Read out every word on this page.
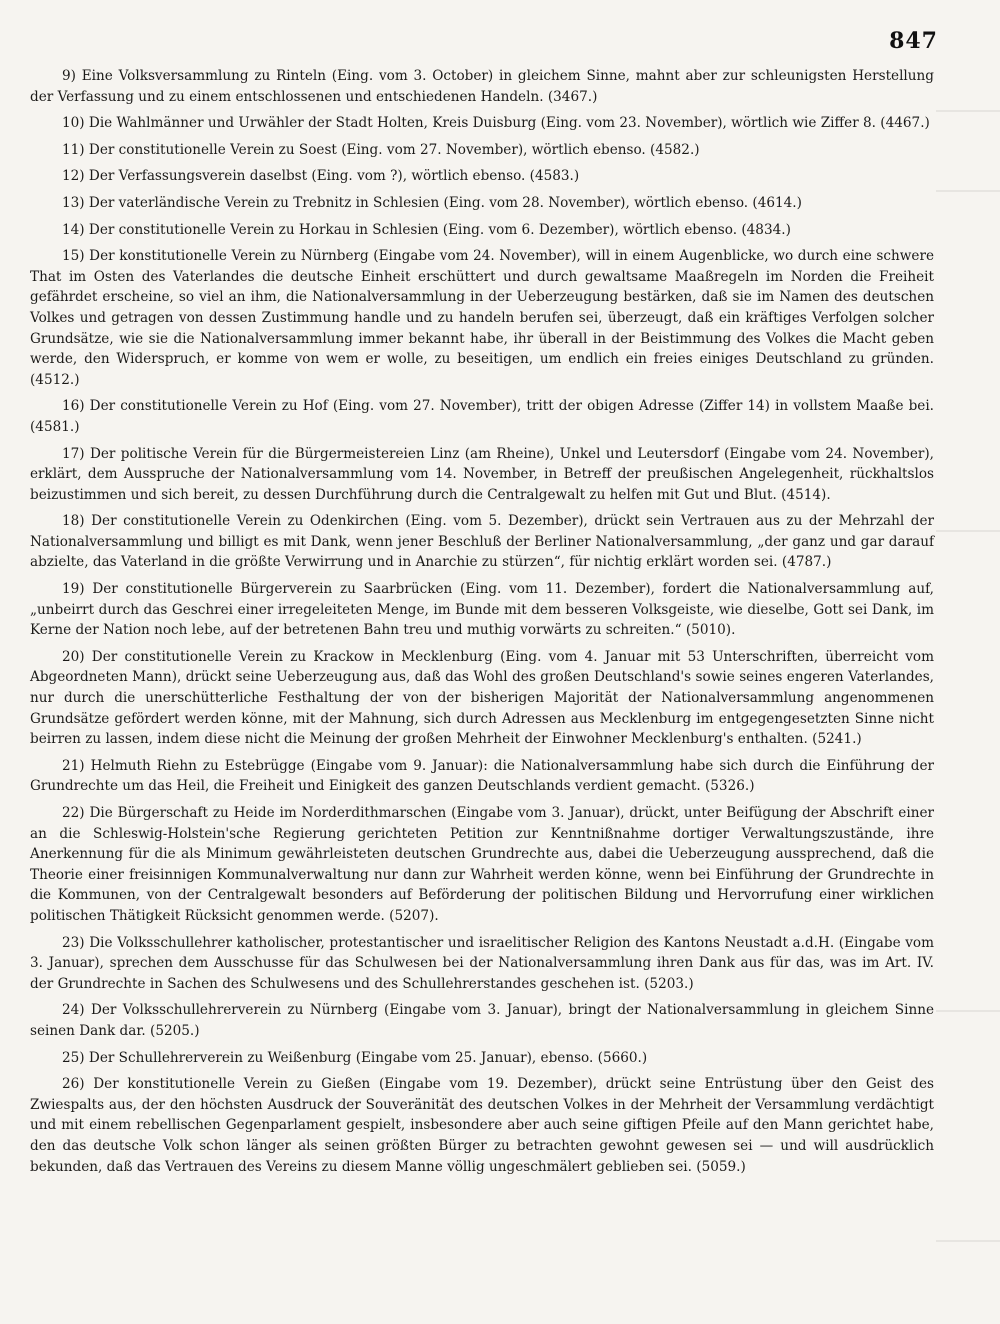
847

9) Eine Volksversammlung zu Rinteln (Eing. vom 3. October) in gleichem Sinne, mahnt aber zur schleunigsten Herstellung der Verfassung und zu einem entschlossenen und entschiedenen Handeln. (3467.)

10) Die Wahlmänner und Urwähler der Stadt Holten, Kreis Duisburg (Eing. vom 23. November), wörtlich wie Ziffer 8. (4467.)

11) Der constitutionelle Verein zu Soest (Eing. vom 27. November), wörtlich ebenso. (4582.)

12) Der Verfassungsverein daselbst (Eing. vom ?), wörtlich ebenso. (4583.)

13) Der vaterländische Verein zu Trebnitz in Schlesien (Eing. vom 28. November), wörtlich ebenso. (4614.)

14) Der constitutionelle Verein zu Horkau in Schlesien (Eing. vom 6. Dezember), wörtlich ebenso. (4834.)

15) Der konstitutionelle Verein zu Nürnberg (Eingabe vom 24. November), will in einem Augenblicke, wo durch eine schwere That im Osten des Vaterlandes die deutsche Einheit erschüttert und durch gewaltsame Maaßregeln im Norden die Freiheit gefährdet erscheine, so viel an ihm, die Nationalversammlung in der Ueberzeugung bestärken, daß sie im Namen des deutschen Volkes und getragen von dessen Zustimmung handle und zu handeln berufen sei, überzeugt, daß ein kräftiges Verfolgen solcher Grundsätze, wie sie die Nationalversammlung immer bekannt habe, ihr überall in der Beistimmung des Volkes die Macht geben werde, den Widerspruch, er komme von wem er wolle, zu beseitigen, um endlich ein freies einiges Deutschland zu gründen. (4512.)

16) Der constitutionelle Verein zu Hof (Eing. vom 27. November), tritt der obigen Adresse (Ziffer 14) in vollstem Maaße bei. (4581.)

17) Der politische Verein für die Bürgermeistereien Linz (am Rheine), Unkel und Leutersdorf (Eingabe vom 24. November), erklärt, dem Ausspruche der Nationalversammlung vom 14. November, in Betreff der preußischen Angelegenheit, rückhaltslos beizustimmen und sich bereit, zu dessen Durchführung durch die Centralgewalt zu helfen mit Gut und Blut. (4514).

18) Der constitutionelle Verein zu Odenkirchen (Eing. vom 5. Dezember), drückt sein Vertrauen aus zu der Mehrzahl der Nationalversammlung und billigt es mit Dank, wenn jener Beschluß der Berliner Nationalversammlung, „der ganz und gar darauf abzielte, das Vaterland in die größte Verwirrung und in Anarchie zu stürzen“, für nichtig erklärt worden sei. (4787.)

19) Der constitutionelle Bürgerverein zu Saarbrücken (Eing. vom 11. Dezember), fordert die Nationalversammlung auf, „unbeirrt durch das Geschrei einer irregeleiteten Menge, im Bunde mit dem besseren Volksgeiste, wie dieselbe, Gott sei Dank, im Kerne der Nation noch lebe, auf der betretenen Bahn treu und muthig vorwärts zu schreiten.“ (5010).

20) Der constitutionelle Verein zu Krackow in Mecklenburg (Eing. vom 4. Januar mit 53 Unterschriften, überreicht vom Abgeordneten Mann), drückt seine Ueberzeugung aus, daß das Wohl des großen Deutschland's sowie seines engeren Vaterlandes, nur durch die unerschütterliche Festhaltung der von der bisherigen Majorität der Nationalversammlung angenommenen Grundsätze gefördert werden könne, mit der Mahnung, sich durch Adressen aus Mecklenburg im entgegengesetzten Sinne nicht beirren zu lassen, indem diese nicht die Meinung der großen Mehrheit der Einwohner Mecklenburg's enthalten. (5241.)

21) Helmuth Riehn zu Estebrügge (Eingabe vom 9. Januar): die Nationalversammlung habe sich durch die Einführung der Grundrechte um das Heil, die Freiheit und Einigkeit des ganzen Deutschlands verdient gemacht. (5326.)

22) Die Bürgerschaft zu Heide im Norderdithmarschen (Eingabe vom 3. Januar), drückt, unter Beifügung der Abschrift einer an die Schleswig-Holstein'sche Regierung gerichteten Petition zur Kenntnißnahme dortiger Verwaltungszustände, ihre Anerkennung für die als Minimum gewährleisteten deutschen Grundrechte aus, dabei die Ueberzeugung aussprechend, daß die Theorie einer freisinnigen Kommunalverwaltung nur dann zur Wahrheit werden könne, wenn bei Einführung der Grundrechte in die Kommunen, von der Centralgewalt besonders auf Beförderung der politischen Bildung und Hervorrufung einer wirklichen politischen Thätigkeit Rücksicht genommen werde. (5207).

23) Die Volksschullehrer katholischer, protestantischer und israelitischer Religion des Kantons Neustadt a.d.H. (Eingabe vom 3. Januar), sprechen dem Ausschusse für das Schulwesen bei der Nationalversammlung ihren Dank aus für das, was im Art. IV. der Grundrechte in Sachen des Schulwesens und des Schullehrerstandes geschehen ist. (5203.)

24) Der Volksschullehrerverein zu Nürnberg (Eingabe vom 3. Januar), bringt der Nationalversammlung in gleichem Sinne seinen Dank dar. (5205.)

25) Der Schullehrerverein zu Weißenburg (Eingabe vom 25. Januar), ebenso. (5660.)

26) Der konstitutionelle Verein zu Gießen (Eingabe vom 19. Dezember), drückt seine Entrüstung über den Geist des Zwiespalts aus, der den höchsten Ausdruck der Souveränität des deutschen Volkes in der Mehrheit der Versammlung verdächtigt und mit einem rebellischen Gegenparlament gespielt, insbesondere aber auch seine giftigen Pfeile auf den Mann gerichtet habe, den das deutsche Volk schon länger als seinen größten Bürger zu betrachten gewohnt gewesen sei — und will ausdrücklich bekunden, daß das Vertrauen des Vereins zu diesem Manne völlig ungeschmälert geblieben sei. (5059.)
